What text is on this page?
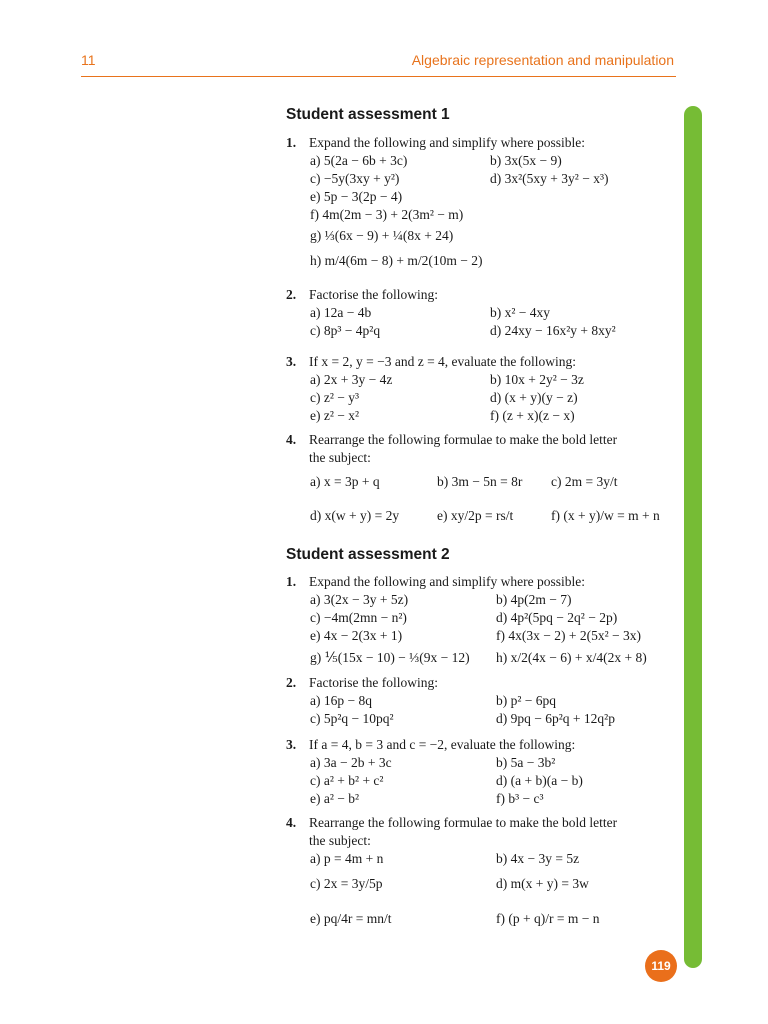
11	Algebraic representation and manipulation
Student assessment 1
1. Expand the following and simplify where possible:
a) 5(2a − 6b + 3c)	b) 3x(5x − 9)
c) −5y(3xy + y²)	d) 3x²(5xy + 3y² − x³)
e) 5p − 3(2p − 4)
f) 4m(2m − 3) + 2(3m² − m)
g) ⅓(6x − 9) + ¼(8x + 24)
h) m/4(6m − 8) + m/2(10m − 2)
2. Factorise the following:
a) 12a − 4b	b) x² − 4xy
c) 8p³ − 4p²q	d) 24xy − 16x²y + 8xy²
3. If x = 2, y = −3 and z = 4, evaluate the following:
a) 2x + 3y − 4z	b) 10x + 2y² − 3z
c) z² − y³	d) (x + y)(y − z)
e) z² − x²	f) (z + x)(z − x)
4. Rearrange the following formulae to make the bold letter
the subject:
a) x = 3p + q	b) 3m − 5n = 8r c) 2m = 3y/t
d) x(w + y) = 2y	e) xy/2p = rs/t	f) (x + y)/w = m + n
Student assessment 2
1. Expand the following and simplify where possible:
a) 3(2x − 3y + 5z)	b) 4p(2m − 7)
c) −4m(2mn − n²)	d) 4p²(5pq − 2q² − 2p)
e) 4x − 2(3x + 1)	f) 4x(3x − 2) + 2(5x² − 3x)
g) ⅕(15x − 10) − ⅓(9x − 12) h) x/2(4x − 6) + x/4(2x + 8)
2. Factorise the following:
a) 16p − 8q	b) p² − 6pq
c) 5p²q − 10pq²	d) 9pq − 6p²q + 12q²p
3. If a = 4, b = 3 and c = −2, evaluate the following:
a) 3a − 2b + 3c	b) 5a − 3b²
c) a² + b² + c²	d) (a + b)(a − b)
e) a² − b²	f) b³ − c³
4. Rearrange the following formulae to make the bold letter
the subject:
a) p = 4m + n	b) 4x − 3y = 5z
c) 2x = 3y/5p	d) m(x + y) = 3w
e) pq/4r = mn/t	f) (p + q)/r = m − n
119
